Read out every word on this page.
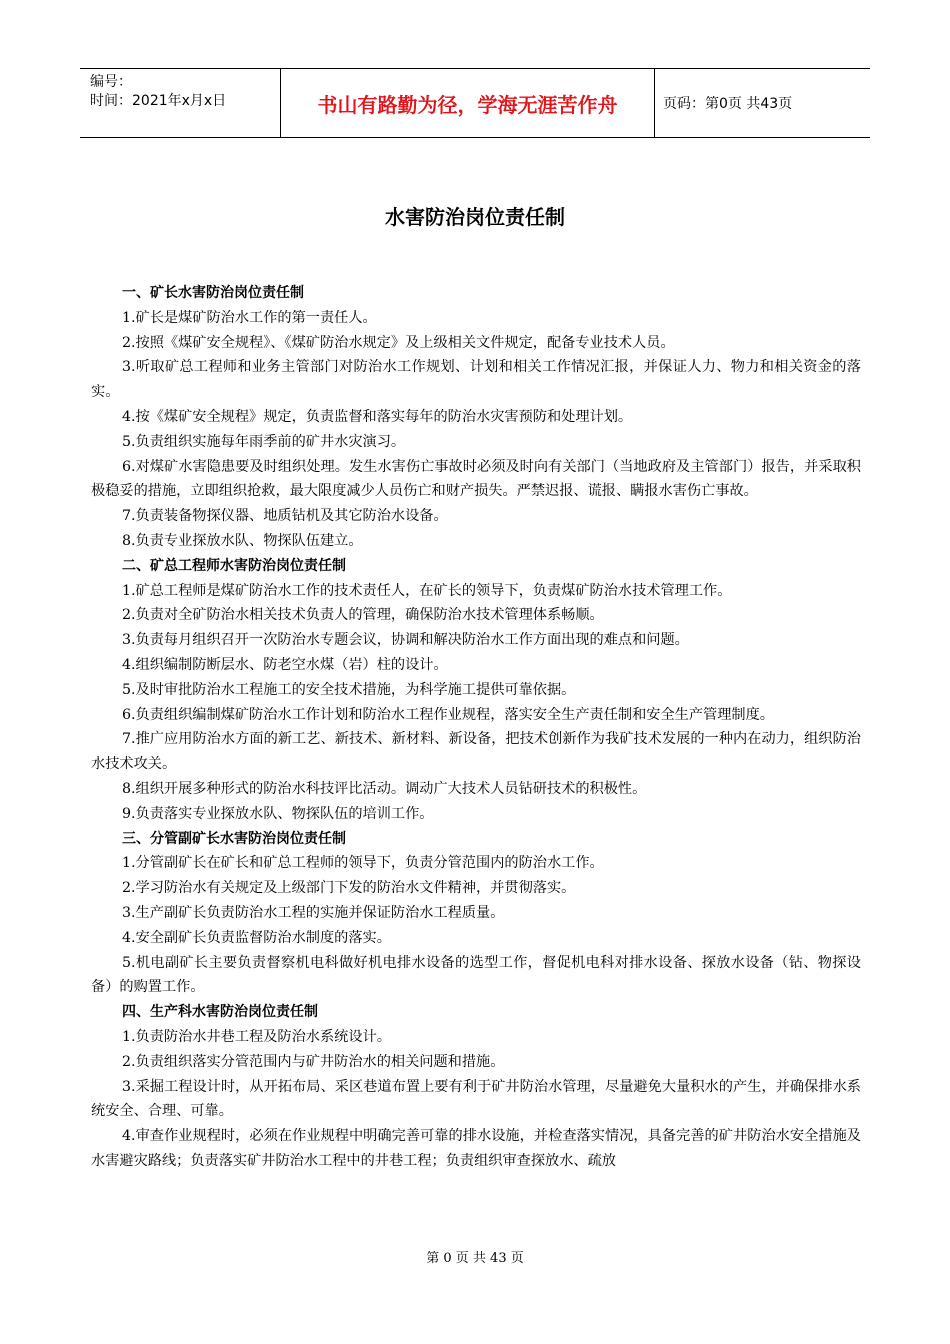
编号：
时间：2021年x月x日	书山有路勤为径，学海无涯苦作舟	页码：第0页 共43页
水害防治岗位责任制

一、矿长水害防治岗位责任制

1.矿长是煤矿防治水工作的第一责任人。

2.按照《煤矿安全规程》、《煤矿防治水规定》及上级相关文件规定，配备专业技术人员。

3.听取矿总工程师和业务主管部门对防治水工作规划、计划和相关工作情况汇报，并保证人力、物力和相关资金的落实。

4.按《煤矿安全规程》规定，负责监督和落实每年的防治水灾害预防和处理计划。

5.负责组织实施每年雨季前的矿井水灾演习。

6.对煤矿水害隐患要及时组织处理。发生水害伤亡事故时必须及时向有关部门（当地政府及主管部门）报告，并采取积极稳妥的措施，立即组织抢救，最大限度减少人员伤亡和财产损失。严禁迟报、谎报、瞒报水害伤亡事故。

7.负责装备物探仪器、地质钻机及其它防治水设备。

8.负责专业探放水队、物探队伍建立。

二、矿总工程师水害防治岗位责任制

1.矿总工程师是煤矿防治水工作的技术责任人，在矿长的领导下，负责煤矿防治水技术管理工作。

2.负责对全矿防治水相关技术负责人的管理，确保防治水技术管理体系畅顺。

3.负责每月组织召开一次防治水专题会议，协调和解决防治水工作方面出现的难点和问题。

4.组织编制防断层水、防老空水煤（岩）柱的设计。

5.及时审批防治水工程施工的安全技术措施，为科学施工提供可靠依据。

6.负责组织编制煤矿防治水工作计划和防治水工程作业规程，落实安全生产责任制和安全生产管理制度。

7.推广应用防治水方面的新工艺、新技术、新材料、新设备，把技术创新作为我矿技术发展的一种内在动力，组织防治水技术攻关。

8.组织开展多种形式的防治水科技评比活动。调动广大技术人员钻研技术的积极性。

9.负责落实专业探放水队、物探队伍的培训工作。

三、分管副矿长水害防治岗位责任制

1.分管副矿长在矿长和矿总工程师的领导下，负责分管范围内的防治水工作。

2.学习防治水有关规定及上级部门下发的防治水文件精神，并贯彻落实。

3.生产副矿长负责防治水工程的实施并保证防治水工程质量。

4.安全副矿长负责监督防治水制度的落实。

5.机电副矿长主要负责督察机电科做好机电排水设备的选型工作，督促机电科对排水设备、探放水设备（钻、物探设备）的购置工作。

四、生产科水害防治岗位责任制

1.负责防治水井巷工程及防治水系统设计。

2.负责组织落实分管范围内与矿井防治水的相关问题和措施。

3.采掘工程设计时，从开拓布局、采区巷道布置上要有利于矿井防治水管理，尽量避免大量积水的产生，并确保排水系统安全、合理、可靠。

4.审查作业规程时，必须在作业规程中明确完善可靠的排水设施，并检查落实情况，具备完善的矿井防治水安全措施及水害避灾路线；负责落实矿井防治水工程中的井巷工程；负责组织审查探放水、疏放

第 0 页 共 43 页
